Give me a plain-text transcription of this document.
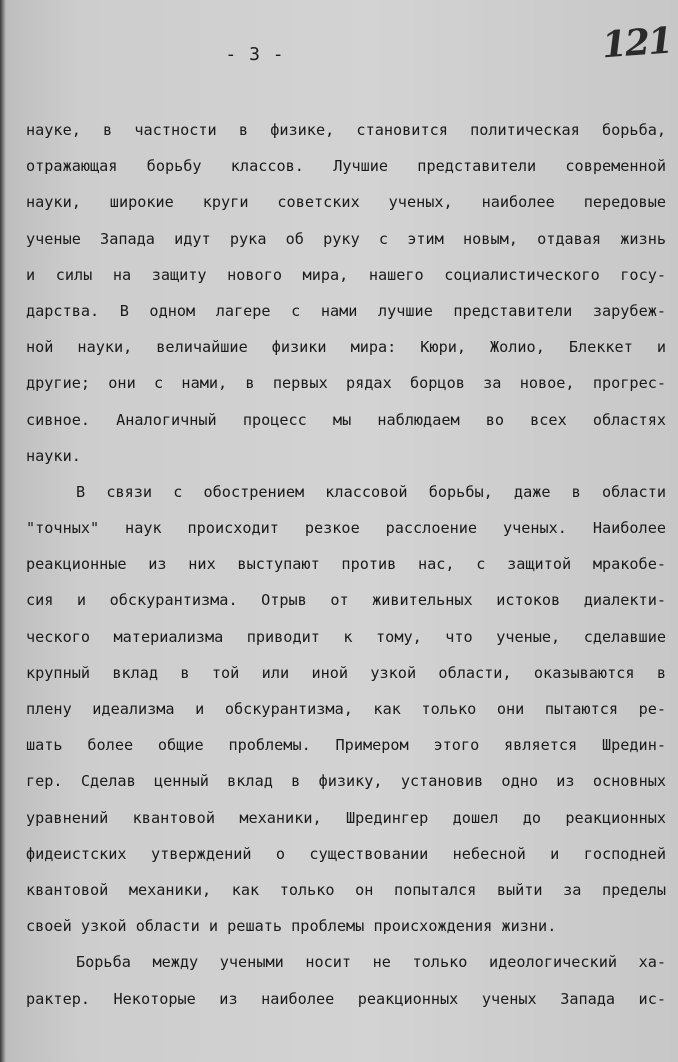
- 3 -	121
науке, в частности в физике, становится политическая борьба,
отражающая борьбу классов. Лучшие представители современной
науки, широкие круги советских ученых, наиболее передовые
ученые Запада идут рука об руку с этим новым, отдавая жизнь
и силы на защиту нового мира, нашего социалистического госу-
дарства. В одном лагере с нами лучшие представители зарубеж-
ной науки, величайшие физики мира: Кюри, Жолио, Блеккет и
другие; они с нами, в первых рядах борцов за новое, прогрес-
сивное. Аналогичный процесс мы наблюдаем во всех областях
науки.
В связи с обострением классовой борьбы, даже в области
"точных" наук происходит резкое расслоение ученых. Наиболее
реакционные из них выступают против нас, с защитой мракобе-
сия и обскурантизма. Отрыв от живительных истоков диалекти-
ческого материализма приводит к тому, что ученые, сделавшие
крупный вклад в той или иной узкой области, оказываются в
плену идеализма и обскурантизма, как только они пытаются ре-
шать более общие проблемы. Примером этого является Шредин-
гер. Сделав ценный вклад в физику, установив одно из основных
уравнений квантовой механики, Шредингер дошел до реакционных
фидеистских утверждений о существовании небесной и господней
квантовой механики, как только он попытался выйти за пределы
своей узкой области и решать проблемы происхождения жизни.
Борьба между учеными носит не только идеологический ха-
рактер. Некоторые из наиболее реакционных ученых Запада ис-
